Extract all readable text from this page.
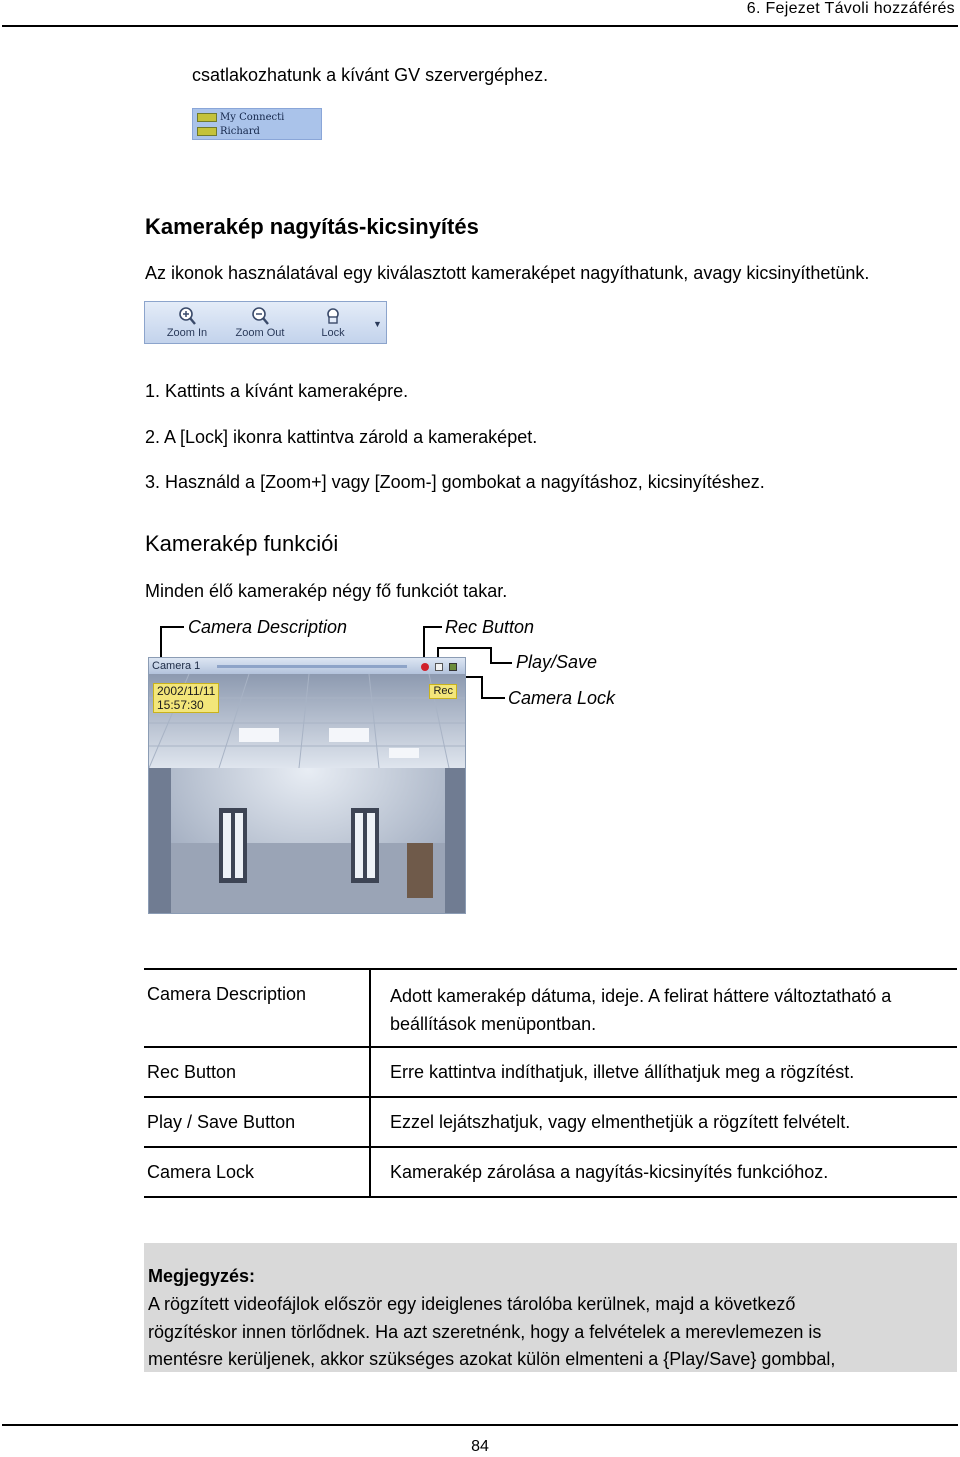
6. Fejezet Távoli hozzáférés
csatlakozhatunk a kívánt GV szervergéphez.
My Connecti
Richard
Kamerakép nagyítás-kicsinyítés
Az ikonok használatával egy kiválasztott kameraképet nagyíthatunk, avagy kicsinyíthetünk.
Zoom In	Zoom Out	Lock
▼
1. Kattints a kívánt kameraképre.
2. A [Lock] ikonra kattintva zárold a kameraképet.
3. Használd a [Zoom+] vagy [Zoom-] gombokat a nagyításhoz, kicsinyítéshez.
Kamerakép funkciói
Minden élő kamerakép négy fő funkciót takar.
Camera Description	Rec Button
Play/Save
Camera Lock
Camera 1
2002/11/11
15:57:30
Rec
Camera Description	Adott kamerakép dátuma, ideje. A felirat háttere változtatható a beállítások menüpontban.
Rec Button	Erre kattintva indíthatjuk, illetve állíthatjuk meg a rögzítést.
Play / Save Button	Ezzel lejátszhatjuk, vagy elmenthetjük a rögzített felvételt.
Camera Lock	Kamerakép zárolása a nagyítás-kicsinyítés funkcióhoz.
Megjegyzés:
A rögzített videofájlok először egy ideiglenes tárolóba kerülnek, majd a következő
rögzítéskor innen törlődnek. Ha azt szeretnénk, hogy a felvételek a merevlemezen is
mentésre kerüljenek, akkor szükséges azokat külön elmenteni a {Play/Save} gombbal,
84
